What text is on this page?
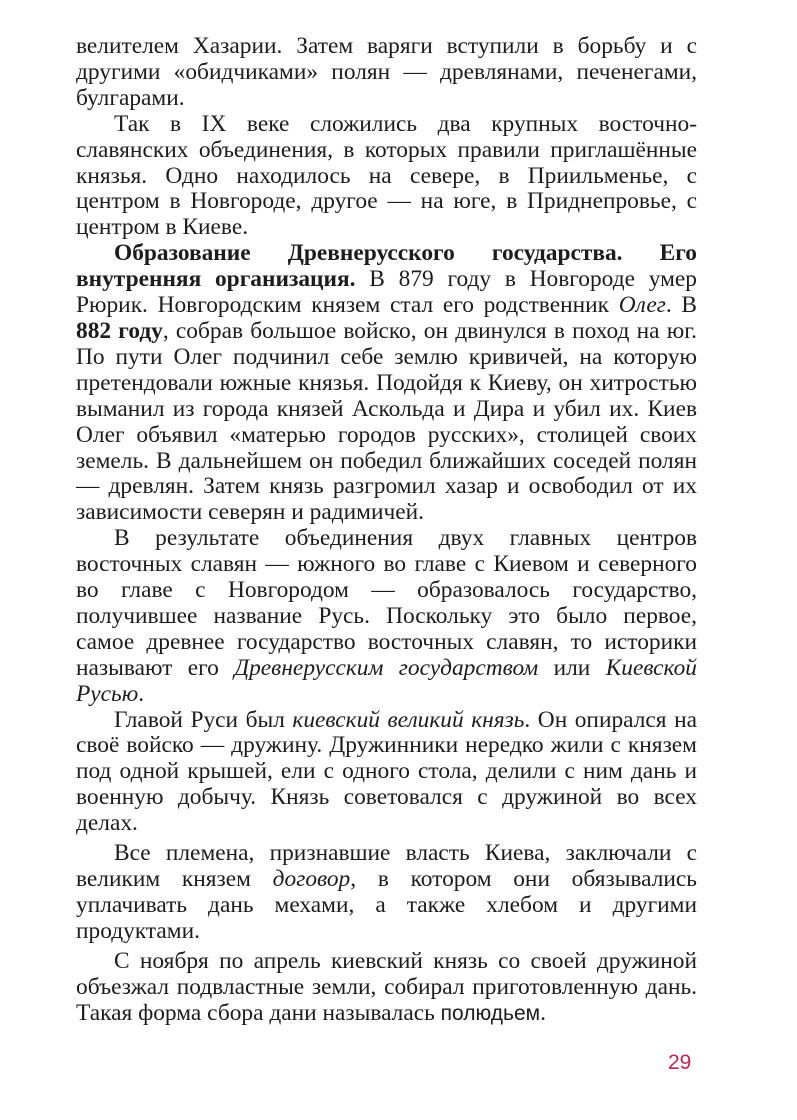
велителем Хазарии. Затем варяги вступили в борьбу и с другими «обидчиками» полян — древлянами, печенегами, булгарами.

Так в IX веке сложились два крупных восточнославянских объединения, в которых правили приглашённые князья. Одно находилось на севере, в Приильменье, с центром в Новгороде, другое — на юге, в Приднепровье, с центром в Киеве.

Образование Древнерусского государства. Его внутренняя организация. В 879 году в Новгороде умер Рюрик. Новгородским князем стал его родственник Олег. В 882 году, собрав большое войско, он двинулся в поход на юг. По пути Олег подчинил себе землю кривичей, на которую претендовали южные князья. Подойдя к Киеву, он хитростью выманил из города князей Аскольда и Дира и убил их. Киев Олег объявил «матерью городов русских», столицей своих земель. В дальнейшем он победил ближайших соседей полян — древлян. Затем князь разгромил хазар и освободил от их зависимости северян и радимичей.

В результате объединения двух главных центров восточных славян — южного во главе с Киевом и северного во главе с Новгородом — образовалось государство, получившее название Русь. Поскольку это было первое, самое древнее государство восточных славян, то историки называют его Древнерусским государством или Киевской Русью.

Главой Руси был киевский великий князь. Он опирался на своё войско — дружину. Дружинники нередко жили с князем под одной крышей, ели с одного стола, делили с ним дань и военную добычу. Князь советовался с дружиной во всех делах.

Все племена, признавшие власть Киева, заключали с великим князем договор, в котором они обязывались уплачивать дань мехами, а также хлебом и другими продуктами.

С ноября по апрель киевский князь со своей дружиной объезжал подвластные земли, собирал приготовленную дань. Такая форма сбора дани называлась полюдьем.

29
